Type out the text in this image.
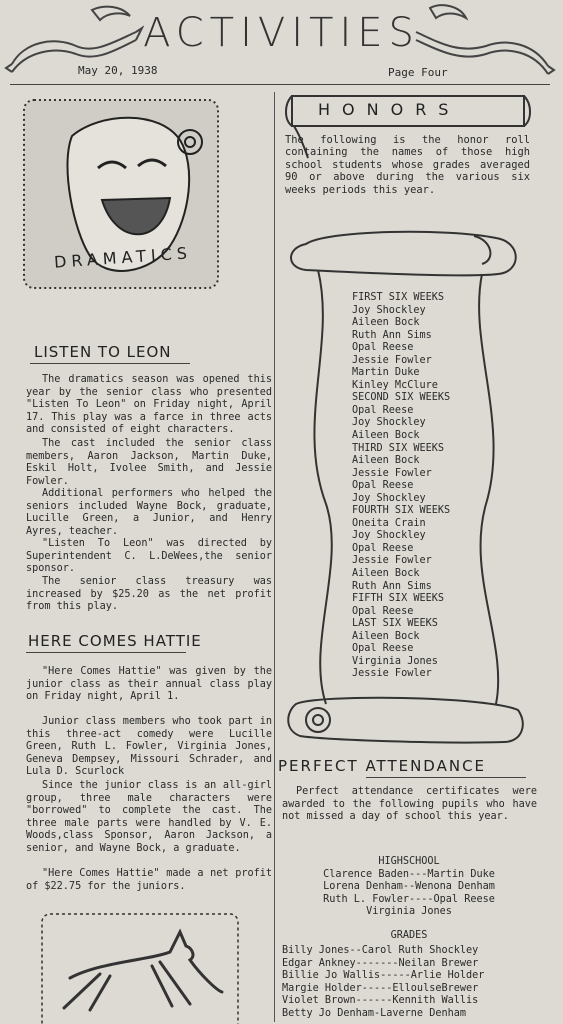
ACTIVITIES
May 20, 1938	Page Four
DRAMATICS
LISTEN TO LEON

The dramatics season was opened this year by the senior class who presented "Listen To Leon" on Friday night, April 17. This play was a farce in three acts and consisted of eight characters.

The cast included the senior class members, Aaron Jackson, Martin Duke, Eskil Holt, Ivolee Smith, and Jessie Fowler.

Additional performers who helped the seniors included Wayne Bock, graduate, Lucille Green, a Junior, and Henry Ayres, teacher.

"Listen To Leon" was directed by Superintendent C. L.DeWees,the senior sponsor.

The senior class treasury was increased by $25.20 as the net profit from this play.

HERE COMES HATTIE

"Here Comes Hattie" was given by the junior class as their annual class play on Friday night, April 1.

Junior class members who took part in this three-act comedy were Lucille Green, Ruth L. Fowler, Virginia Jones, Geneva Dempsey, Missouri Schrader, and Lula D. Scurlock

Since the junior class is an all-girl group, three male characters were "borrowed" to complete the cast. The three male parts were handled by V. E. Woods,class Sponsor, Aaron Jackson, a senior, and Wayne Bock, a graduate.

"Here Comes Hattie" made a net profit of $22.75 for the juniors.

HONORS
The following is the honor roll containing the names of those high school students whose grades averaged 90 or above during the various six weeks periods this year.
FIRST SIX WEEKS
Joy Shockley
Aileen Bock
Ruth Ann Sims
Opal Reese
Jessie Fowler
Martin Duke
Kinley McClure
SECOND SIX WEEKS
Opal Reese
Joy Shockley
Aileen Bock
THIRD SIX WEEKS
Aileen Bock
Jessie Fowler
Opal Reese
Joy Shockley
FOURTH SIX WEEKS
Oneita Crain
Joy Shockley
Opal Reese
Jessie Fowler
Aileen Bock
Ruth Ann Sims
FIFTH SIX WEEKS
Opal Reese
LAST SIX WEEKS
Aileen Bock
Opal Reese
Virginia Jones
Jessie Fowler
PERFECT ATTENDANCE
Perfect attendance certificates were awarded to the following pupils who have not missed a day of school this year.
HIGHSCHOOL
Clarence Baden---Martin Duke
Lorena Denham--Wenona Denham
Ruth L. Fowler----Opal Reese
Virginia Jones
GRADES
Billy Jones--Carol Ruth Shockley
Edgar Ankney-------Neilan Brewer
Billie Jo Wallis-----Arlie Holder
Margie Holder-----ElloulseBrewer
Violet Brown------Kennith Wallis
Betty Jo Denham-Laverne Denham
